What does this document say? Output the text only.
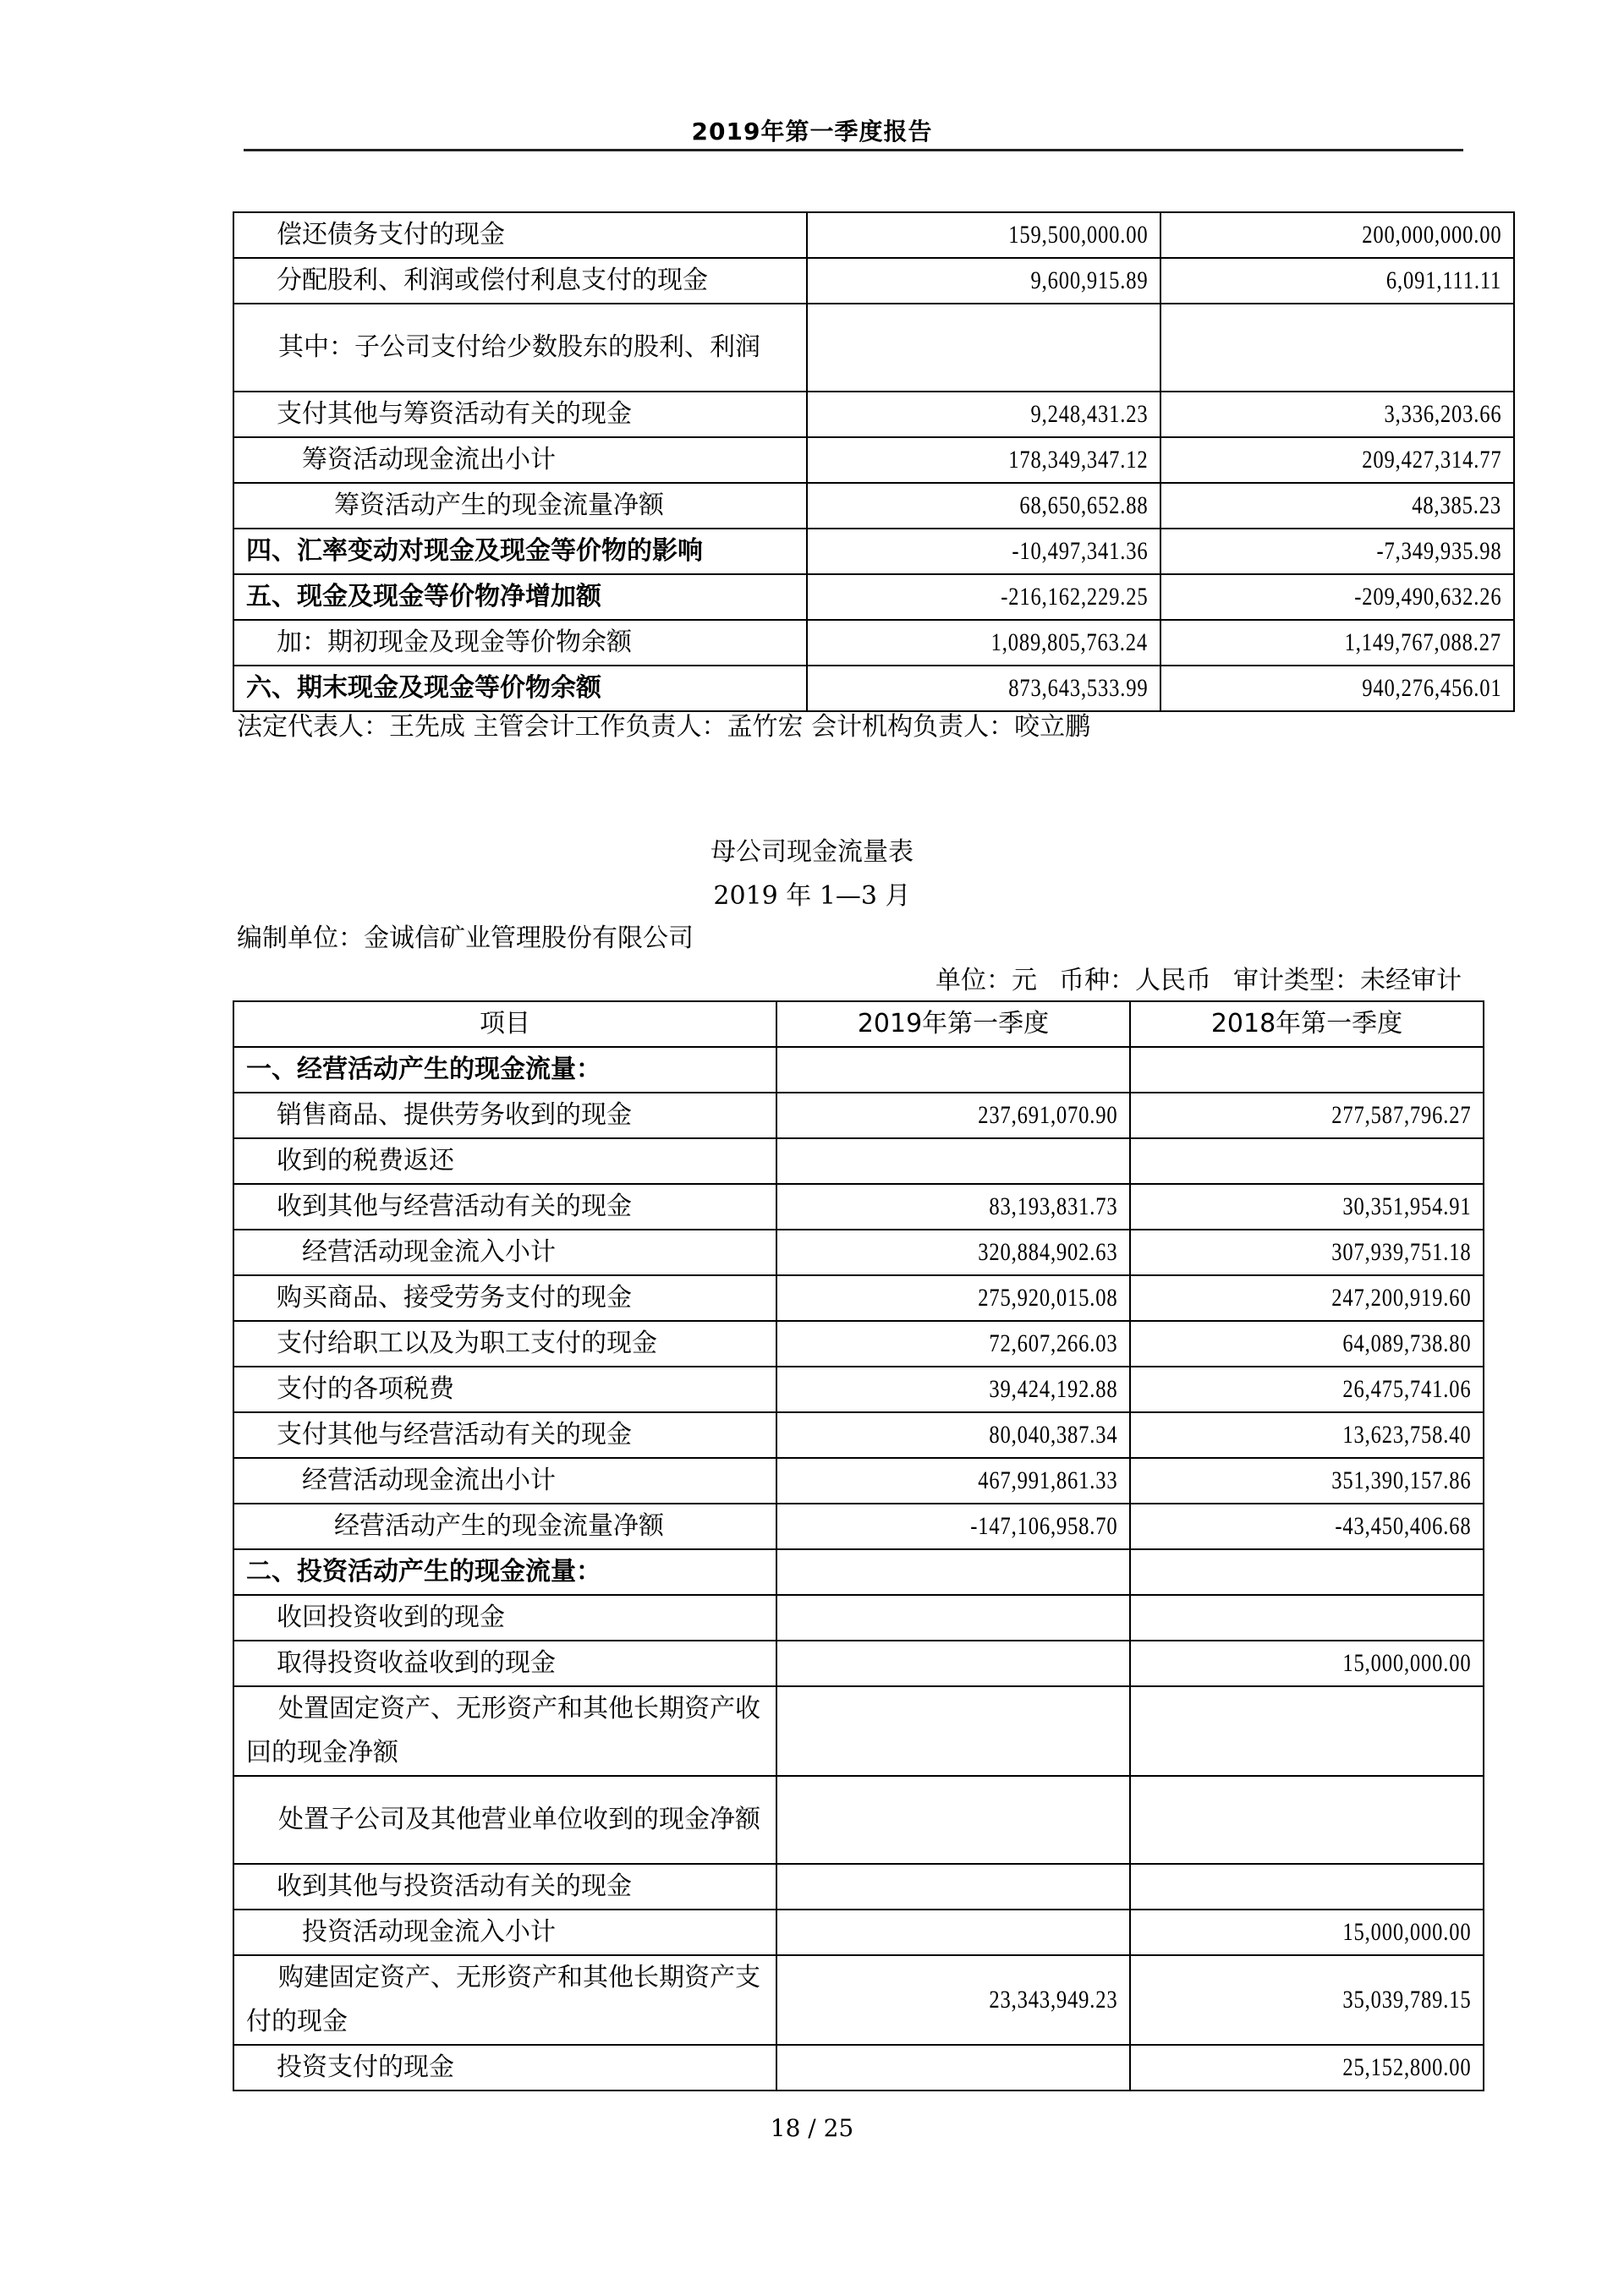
2019年第一季度报告
偿还债务支付的现金	159,500,000.00	200,000,000.00
分配股利、利润或偿付利息支付的现金	9,600,915.89	6,091,111.11
其中：子公司支付给少数股东的股利、利润		
支付其他与筹资活动有关的现金	9,248,431.23	3,336,203.66
筹资活动现金流出小计	178,349,347.12	209,427,314.77
筹资活动产生的现金流量净额	68,650,652.88	48,385.23
四、汇率变动对现金及现金等价物的影响	-10,497,341.36	-7,349,935.98
五、现金及现金等价物净增加额	-216,162,229.25	-209,490,632.26
加：期初现金及现金等价物余额	1,089,805,763.24	1,149,767,088.27
六、期末现金及现金等价物余额	873,643,533.99	940,276,456.01
法定代表人：王先成 主管会计工作负责人：孟竹宏 会计机构负责人：咬立鹏
母公司现金流量表
2019 年 1—3 月
编制单位：金诚信矿业管理股份有限公司
单位：元 币种：人民币 审计类型：未经审计
项目	2019年第一季度	2018年第一季度
一、经营活动产生的现金流量：		
销售商品、提供劳务收到的现金	237,691,070.90	277,587,796.27
收到的税费返还		
收到其他与经营活动有关的现金	83,193,831.73	30,351,954.91
经营活动现金流入小计	320,884,902.63	307,939,751.18
购买商品、接受劳务支付的现金	275,920,015.08	247,200,919.60
支付给职工以及为职工支付的现金	72,607,266.03	64,089,738.80
支付的各项税费	39,424,192.88	26,475,741.06
支付其他与经营活动有关的现金	80,040,387.34	13,623,758.40
经营活动现金流出小计	467,991,861.33	351,390,157.86
经营活动产生的现金流量净额	-147,106,958.70	-43,450,406.68
二、投资活动产生的现金流量：		
收回投资收到的现金		
取得投资收益收到的现金		15,000,000.00
处置固定资产、无形资产和其他长期资产收回的现金净额		
处置子公司及其他营业单位收到的现金净额		
收到其他与投资活动有关的现金		
投资活动现金流入小计		15,000,000.00
购建固定资产、无形资产和其他长期资产支付的现金	23,343,949.23	35,039,789.15
投资支付的现金		25,152,800.00
18 / 25
